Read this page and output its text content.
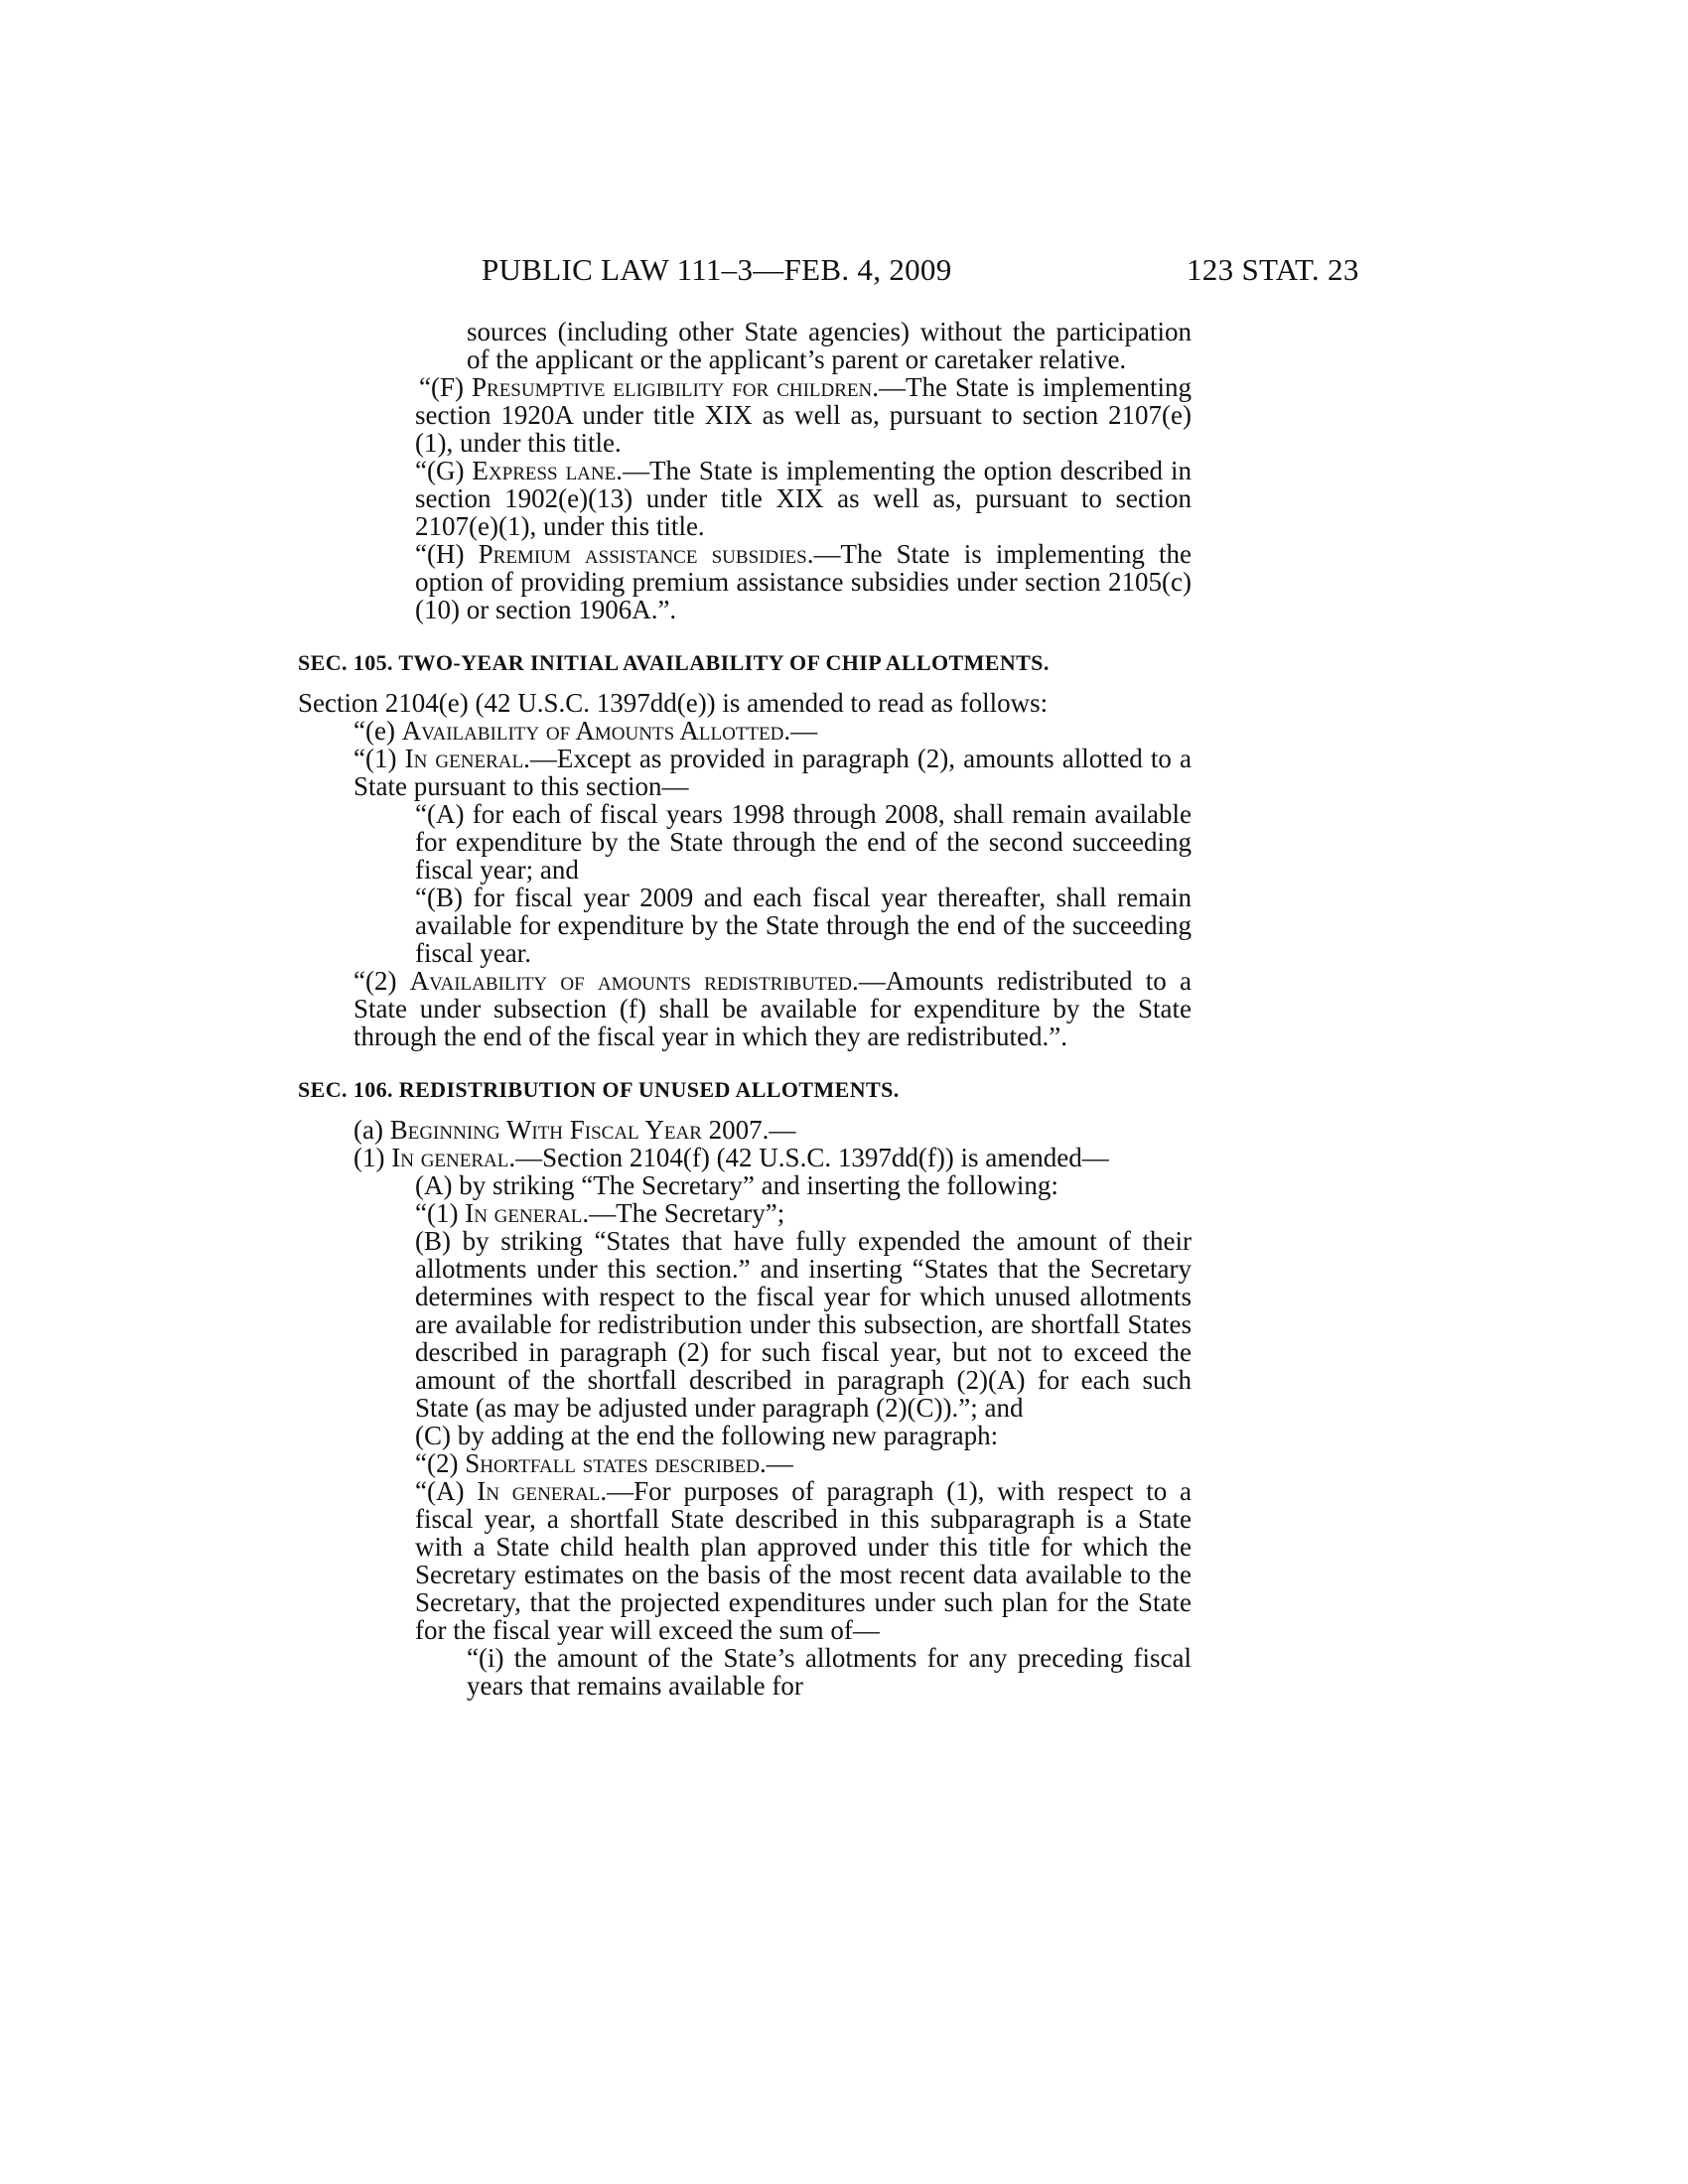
PUBLIC LAW 111–3—FEB. 4, 2009	123 STAT. 23

sources (including other State agencies) without the participation of the applicant or the applicant’s parent or caretaker relative.

“(F) Presumptive eligibility for children.—The State is implementing section 1920A under title XIX as well as, pursuant to section 2107(e)(1), under this title.

“(G) Express lane.—The State is implementing the option described in section 1902(e)(13) under title XIX as well as, pursuant to section 2107(e)(1), under this title.

“(H) Premium assistance subsidies.—The State is implementing the option of providing premium assistance subsidies under section 2105(c)(10) or section 1906A.”.

SEC. 105. TWO-YEAR INITIAL AVAILABILITY OF CHIP ALLOTMENTS.

Section 2104(e) (42 U.S.C. 1397dd(e)) is amended to read as follows:

“(e) Availability of Amounts Allotted.—

“(1) In general.—Except as provided in paragraph (2), amounts allotted to a State pursuant to this section—

“(A) for each of fiscal years 1998 through 2008, shall remain available for expenditure by the State through the end of the second succeeding fiscal year; and

“(B) for fiscal year 2009 and each fiscal year thereafter, shall remain available for expenditure by the State through the end of the succeeding fiscal year.

“(2) Availability of amounts redistributed.—Amounts redistributed to a State under subsection (f) shall be available for expenditure by the State through the end of the fiscal year in which they are redistributed.”.

SEC. 106. REDISTRIBUTION OF UNUSED ALLOTMENTS.

(a) Beginning With Fiscal Year 2007.—

(1) In general.—Section 2104(f) (42 U.S.C. 1397dd(f)) is amended—

(A) by striking “The Secretary” and inserting the following:

“(1) In general.—The Secretary”;

(B) by striking “States that have fully expended the amount of their allotments under this section.” and inserting “States that the Secretary determines with respect to the fiscal year for which unused allotments are available for redistribution under this subsection, are shortfall States described in paragraph (2) for such fiscal year, but not to exceed the amount of the shortfall described in paragraph (2)(A) for each such State (as may be adjusted under paragraph (2)(C)).”; and

(C) by adding at the end the following new paragraph:

“(2) Shortfall states described.—

“(A) In general.—For purposes of paragraph (1), with respect to a fiscal year, a shortfall State described in this subparagraph is a State with a State child health plan approved under this title for which the Secretary estimates on the basis of the most recent data available to the Secretary, that the projected expenditures under such plan for the State for the fiscal year will exceed the sum of—

“(i) the amount of the State’s allotments for any preceding fiscal years that remains available for
